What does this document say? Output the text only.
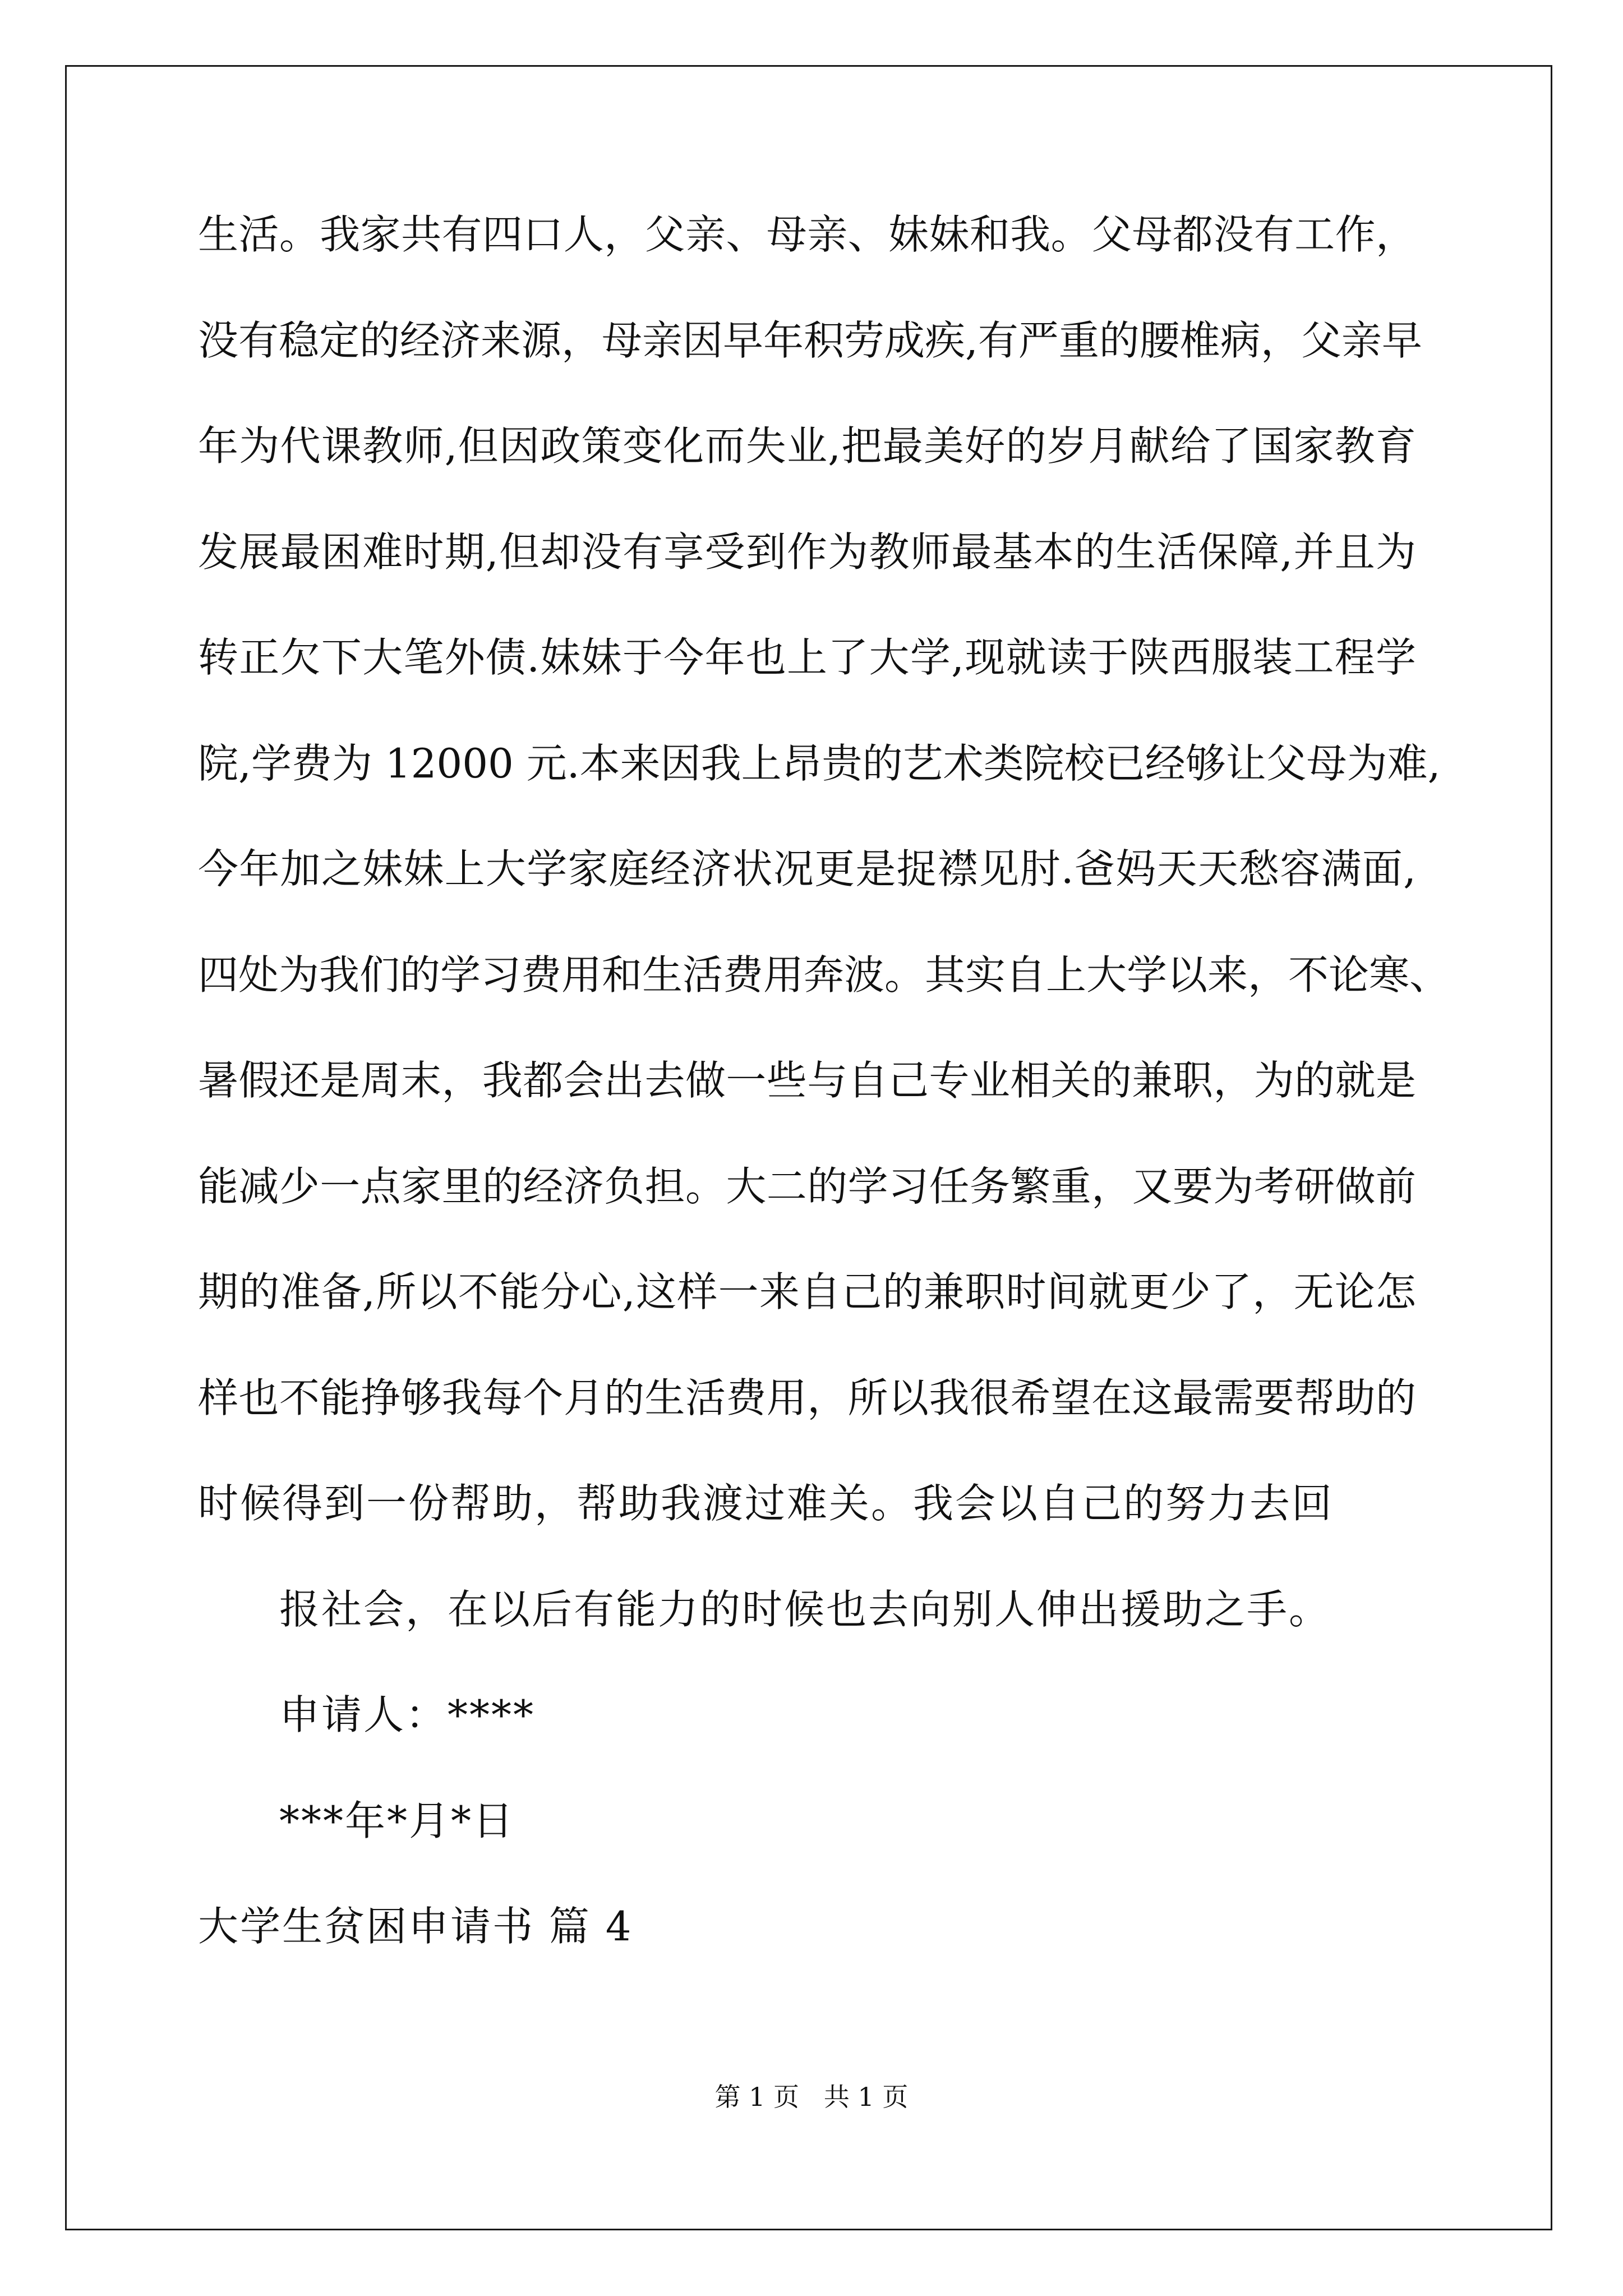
生活。我家共有四口人，父亲、母亲、妹妹和我。父母都没有工作，
没有稳定的经济来源，母亲因早年积劳成疾,有严重的腰椎病，父亲早
年为代课教师,但因政策变化而失业,把最美好的岁月献给了国家教育
发展最困难时期,但却没有享受到作为教师最基本的生活保障,并且为
转正欠下大笔外债.妹妹于今年也上了大学,现就读于陕西服装工程学
院,学费为 12000 元.本来因我上昂贵的艺术类院校已经够让父母为难,
今年加之妹妹上大学家庭经济状况更是捉襟见肘.爸妈天天愁容满面,
四处为我们的学习费用和生活费用奔波。其实自上大学以来，不论寒、
暑假还是周末，我都会出去做一些与自己专业相关的兼职，为的就是
能减少一点家里的经济负担。大二的学习任务繁重，又要为考研做前
期的准备,所以不能分心,这样一来自己的兼职时间就更少了，无论怎
样也不能挣够我每个月的生活费用，所以我很希望在这最需要帮助的
时候得到一份帮助，帮助我渡过难关。我会以自己的努力去回
报社会，在以后有能力的时候也去向别人伸出援助之手。
申请人：****
***年*月*日
大学生贫困申请书 篇 4
第 1 页   共 1 页
